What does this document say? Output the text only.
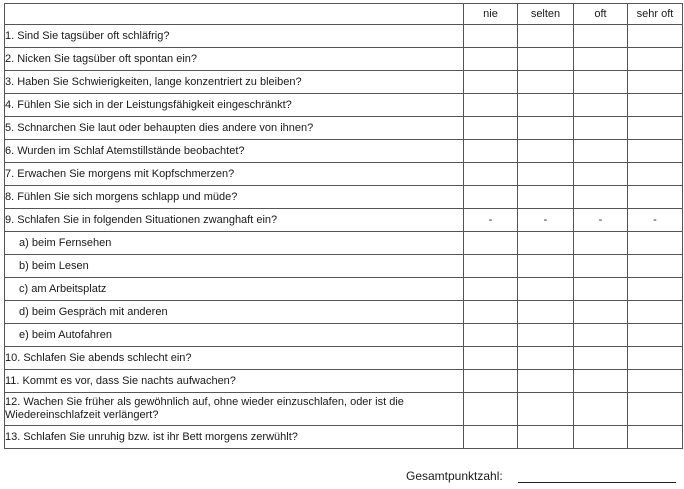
	nie	selten	oft	sehr oft
1. Sind Sie tagsüber oft schläfrig?				
2. Nicken Sie tagsüber oft spontan ein?				
3. Haben Sie Schwierigkeiten, lange konzentriert zu bleiben?				
4. Fühlen Sie sich in der Leistungsfähigkeit eingeschränkt?				
5. Schnarchen Sie laut oder behaupten dies andere von ihnen?				
6. Wurden im Schlaf Atemstillstände beobachtet?				
7. Erwachen Sie morgens mit Kopfschmerzen?				
8. Fühlen Sie sich morgens schlapp und müde?				
9. Schlafen Sie in folgenden Situationen zwanghaft ein?	-	-	-	-
a) beim Fernsehen				
b) beim Lesen				
c) am Arbeitsplatz				
d) beim Gespräch mit anderen				
e) beim Autofahren				
10. Schlafen Sie abends schlecht ein?				
11. Kommt es vor, dass Sie nachts aufwachen?				
12. Wachen Sie früher als gewöhnlich auf, ohne wieder einzuschlafen, oder ist die Wiedereinschlafzeit verlängert?				
13. Schlafen Sie unruhig bzw. ist ihr Bett morgens zerwühlt?				
Gesamtpunktzahl:
